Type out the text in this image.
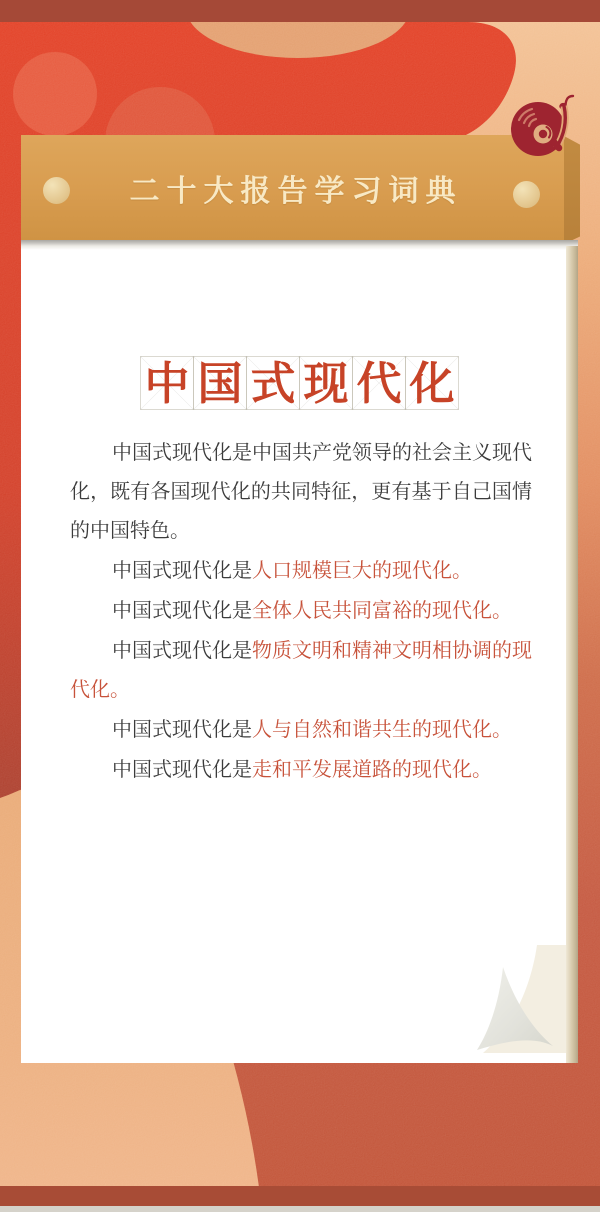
二十大报告学习词典
中 国 式 现 代 化

中国式现代化是中国共产党领导的社会主义现代化，既有各国现代化的共同特征，更有基于自己国情的中国特色。

中国式现代化是人口规模巨大的现代化。

中国式现代化是全体人民共同富裕的现代化。

中国式现代化是物质文明和精神文明相协调的现代化。

中国式现代化是人与自然和谐共生的现代化。

中国式现代化是走和平发展道路的现代化。
